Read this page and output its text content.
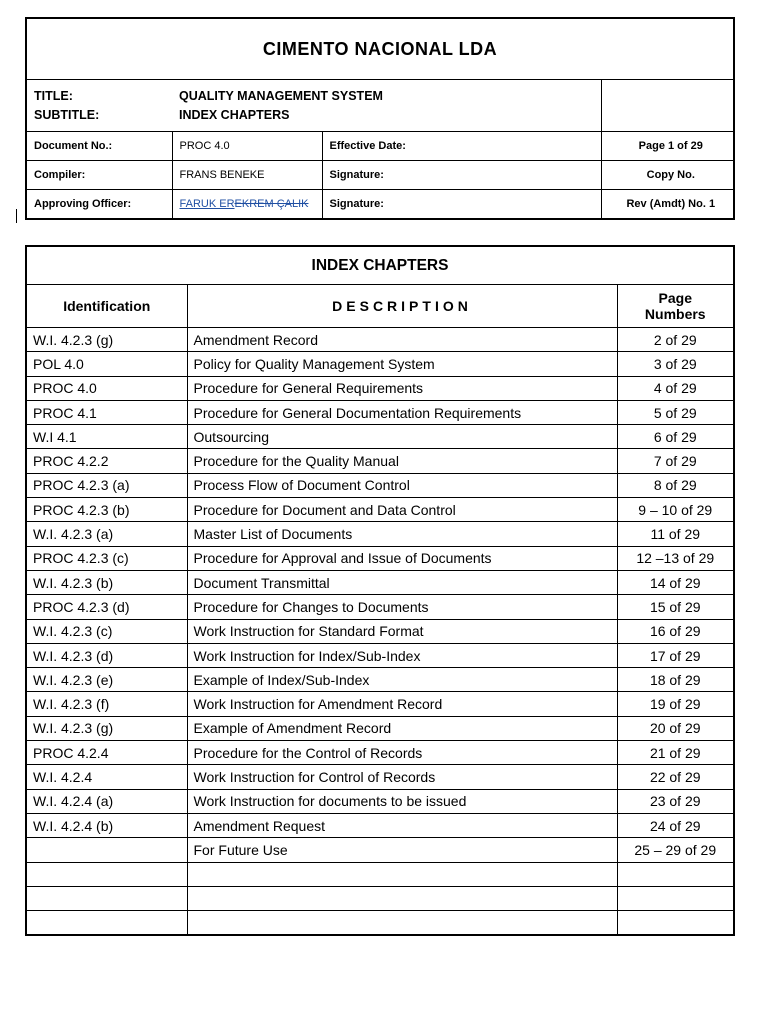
CIMENTO NACIONAL LDA			
TITLE:	QUALITY MANAGEMENT SYSTEM		
SUBTITLE:	INDEX CHAPTERS		
Document No.:	PROC 4.0	Effective Date:	Page 1 of 29
Compiler:	FRANS BENEKE	Signature:	Copy No.
Approving Officer:	FARUK EREKREM ÇALIK	Signature:	Rev (Amdt) No. 1
INDEX CHAPTERS		
Identification	DESCRIPTION	Page
Numbers

W.I. 4.2.3 (g)	Amendment Record	2 of 29
POL 4.0	Policy for Quality Management System	3 of 29
PROC 4.0	Procedure for General Requirements	4 of 29
PROC 4.1	Procedure for General Documentation Requirements	5 of 29
W.I 4.1	Outsourcing	6 of 29
PROC 4.2.2	Procedure for the Quality Manual	7 of 29
PROC 4.2.3 (a)	Process Flow of Document Control	8 of 29
PROC 4.2.3 (b)	Procedure for Document and Data Control	9 – 10 of 29
W.I. 4.2.3 (a)	Master List of Documents	11 of 29
PROC 4.2.3 (c)	Procedure for Approval and Issue of Documents	12 –13 of 29
W.I. 4.2.3 (b)	Document Transmittal	14 of 29
PROC 4.2.3 (d)	Procedure for Changes to Documents	15 of 29
W.I. 4.2.3 (c)	Work Instruction for Standard Format	16 of 29
W.I. 4.2.3 (d)	Work Instruction for Index/Sub-Index	17 of 29
W.I. 4.2.3 (e)	Example of Index/Sub-Index	18 of 29
W.I. 4.2.3 (f)	Work Instruction for Amendment Record	19 of 29
W.I. 4.2.3 (g)	Example of Amendment Record	20 of 29
PROC 4.2.4	Procedure for the Control of Records	21 of 29
W.I. 4.2.4	Work Instruction for Control of Records	22 of 29
W.I. 4.2.4 (a)	Work Instruction for documents to be issued	23 of 29
W.I. 4.2.4 (b)	Amendment Request	24 of 29
	For Future Use	25 – 29 of 29
